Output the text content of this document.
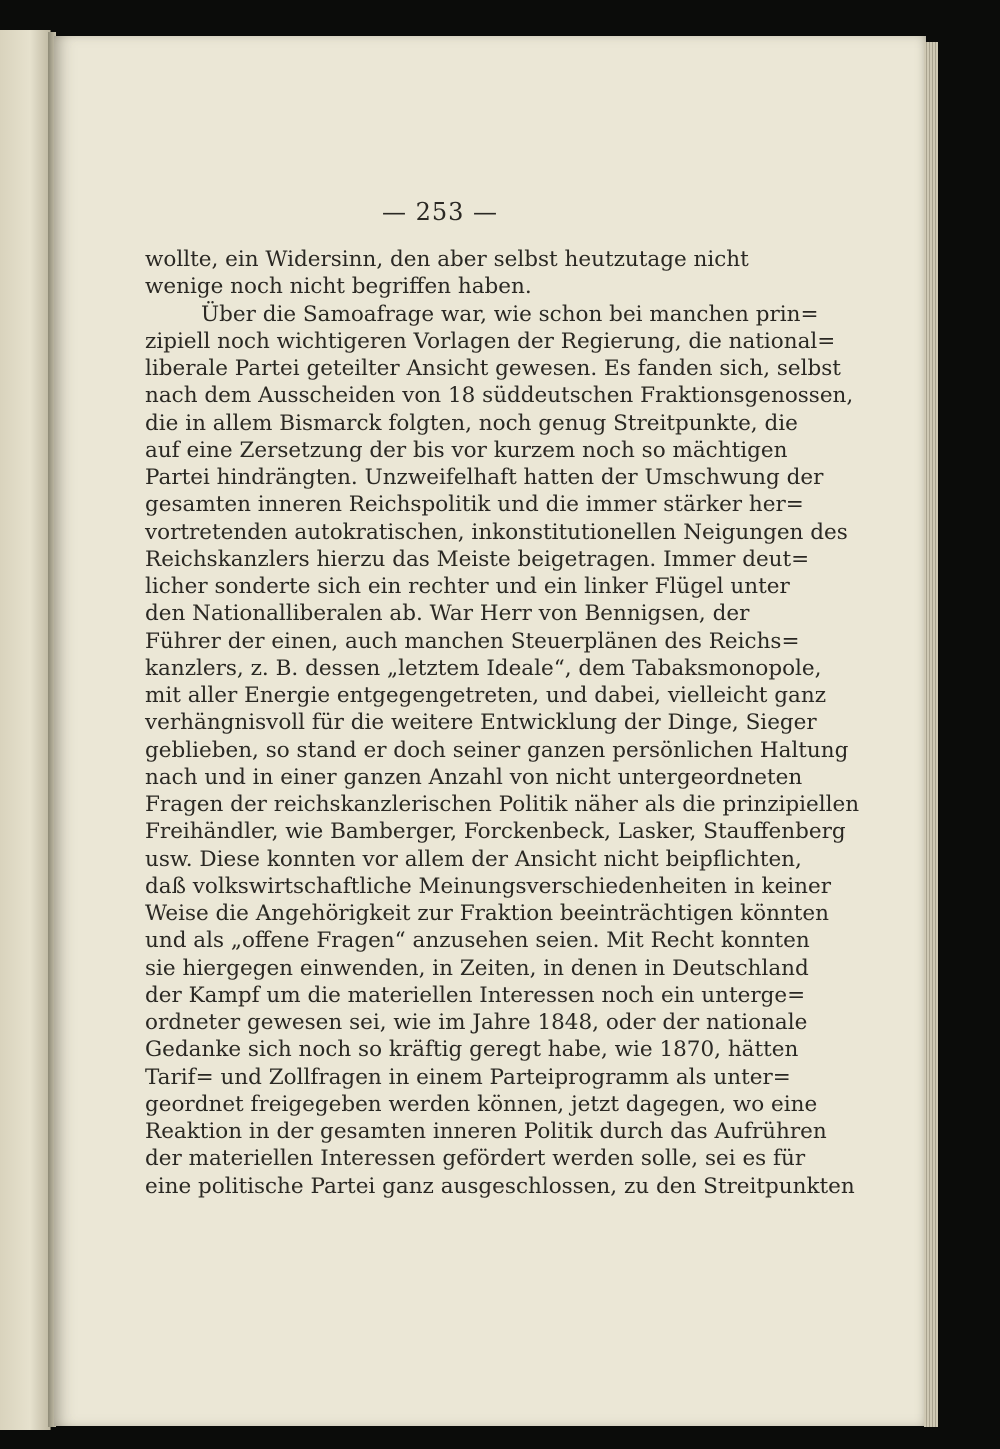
— 253 —
wollte, ein Widersinn, den aber selbst heutzutage nicht
wenige noch nicht begriffen haben.
Über die Samoafrage war, wie schon bei manchen prin=
zipiell noch wichtigeren Vorlagen der Regierung, die national=
liberale Partei geteilter Ansicht gewesen. Es fanden sich, selbst
nach dem Ausscheiden von 18 süddeutschen Fraktionsgenossen,
die in allem Bismarck folgten, noch genug Streitpunkte, die
auf eine Zersetzung der bis vor kurzem noch so mächtigen
Partei hindrängten. Unzweifelhaft hatten der Umschwung der
gesamten inneren Reichspolitik und die immer stärker her=
vortretenden autokratischen, inkonstitutionellen Neigungen des
Reichskanzlers hierzu das Meiste beigetragen. Immer deut=
licher sonderte sich ein rechter und ein linker Flügel unter
den Nationalliberalen ab. War Herr von Bennigsen, der
Führer der einen, auch manchen Steuerplänen des Reichs=
kanzlers, z. B. dessen „letztem Ideale“, dem Tabaksmonopole,
mit aller Energie entgegengetreten, und dabei, vielleicht ganz
verhängnisvoll für die weitere Entwicklung der Dinge, Sieger
geblieben, so stand er doch seiner ganzen persönlichen Haltung
nach und in einer ganzen Anzahl von nicht untergeordneten
Fragen der reichskanzlerischen Politik näher als die prinzipiellen
Freihändler, wie Bamberger, Forckenbeck, Lasker, Stauffenberg
usw. Diese konnten vor allem der Ansicht nicht beipflichten,
daß volkswirtschaftliche Meinungsverschiedenheiten in keiner
Weise die Angehörigkeit zur Fraktion beeinträchtigen könnten
und als „offene Fragen“ anzusehen seien. Mit Recht konnten
sie hiergegen einwenden, in Zeiten, in denen in Deutschland
der Kampf um die materiellen Interessen noch ein unterge=
ordneter gewesen sei, wie im Jahre 1848, oder der nationale
Gedanke sich noch so kräftig geregt habe, wie 1870, hätten
Tarif= und Zollfragen in einem Parteiprogramm als unter=
geordnet freigegeben werden können, jetzt dagegen, wo eine
Reaktion in der gesamten inneren Politik durch das Aufrühren
der materiellen Interessen gefördert werden solle, sei es für
eine politische Partei ganz ausgeschlossen, zu den Streitpunkten
